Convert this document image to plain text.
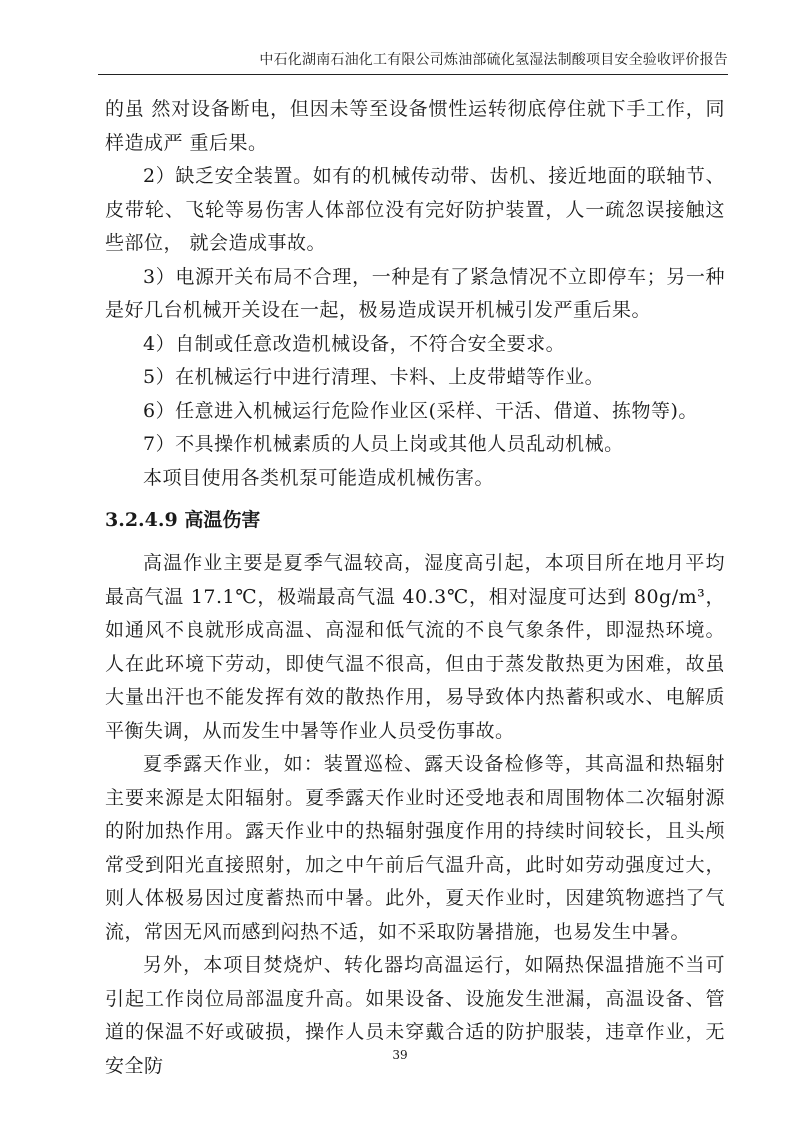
中石化湖南石油化工有限公司炼油部硫化氢湿法制酸项目安全验收评价报告

的虽 然对设备断电，但因未等至设备惯性运转彻底停住就下手工作，同样造成严 重后果。

2）缺乏安全装置。如有的机械传动带、齿机、接近地面的联轴节、皮带轮、飞轮等易伤害人体部位没有完好防护装置，人一疏忽误接触这些部位， 就会造成事故。

3）电源开关布局不合理，一种是有了紧急情况不立即停车；另一种是好几台机械开关设在一起，极易造成误开机械引发严重后果。

4）自制或任意改造机械设备，不符合安全要求。

5）在机械运行中进行清理、卡料、上皮带蜡等作业。

6）任意进入机械运行危险作业区(采样、干活、借道、拣物等)。

7）不具操作机械素质的人员上岗或其他人员乱动机械。

本项目使用各类机泵可能造成机械伤害。

3.2.4.9 高温伤害

高温作业主要是夏季气温较高，湿度高引起，本项目所在地月平均最高气温 17.1℃，极端最高气温 40.3℃，相对湿度可达到 80g/m³，如通风不良就形成高温、高湿和低气流的不良气象条件，即湿热环境。人在此环境下劳动，即使气温不很高，但由于蒸发散热更为困难，故虽大量出汗也不能发挥有效的散热作用，易导致体内热蓄积或水、电解质平衡失调，从而发生中暑等作业人员受伤事故。

夏季露天作业，如：装置巡检、露天设备检修等，其高温和热辐射主要来源是太阳辐射。夏季露天作业时还受地表和周围物体二次辐射源的附加热作用。露天作业中的热辐射强度作用的持续时间较长，且头颅常受到阳光直接照射，加之中午前后气温升高，此时如劳动强度过大，则人体极易因过度蓄热而中暑。此外，夏天作业时，因建筑物遮挡了气流，常因无风而感到闷热不适，如不采取防暑措施，也易发生中暑。

另外，本项目焚烧炉、转化器均高温运行，如隔热保温措施不当可引起工作岗位局部温度升高。如果设备、设施发生泄漏，高温设备、管道的保温不好或破损，操作人员未穿戴合适的防护服装，违章作业，无安全防	39
